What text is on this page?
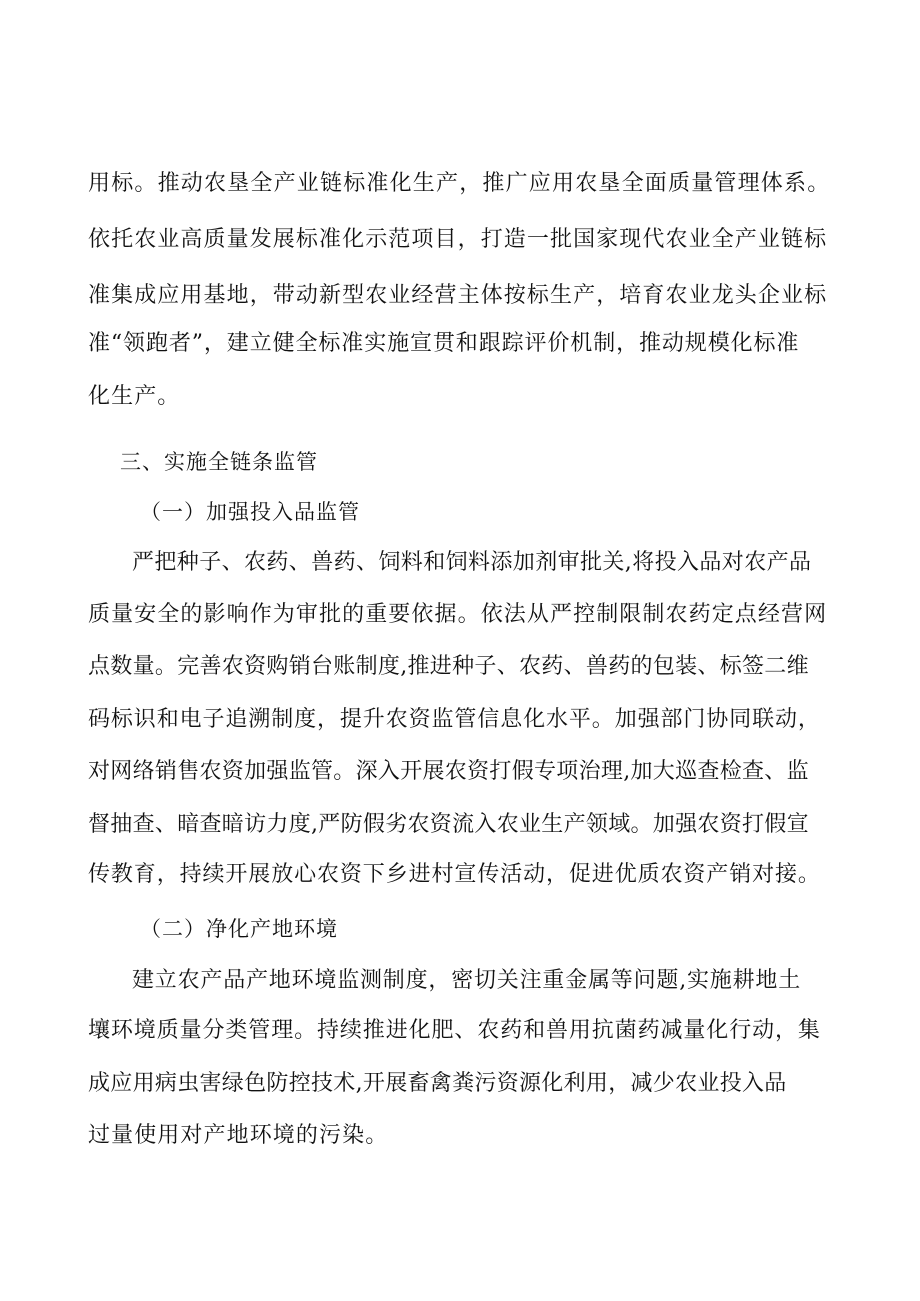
用标。推动农垦全产业链标准化生产，推广应用农垦全面质量管理体系。

依托农业高质量发展标准化示范项目，打造一批国家现代农业全产业链标

准集成应用基地，带动新型农业经营主体按标生产，培育农业龙头企业标

准“领跑者”，建立健全标准实施宣贯和跟踪评价机制，推动规模化标准

化生产。

三、实施全链条监管

（一）加强投入品监管

严把种子、农药、兽药、饲料和饲料添加剂审批关,将投入品对农产品

质量安全的影响作为审批的重要依据。依法从严控制限制农药定点经营网

点数量。完善农资购销台账制度,推进种子、农药、兽药的包装、标签二维

码标识和电子追溯制度，提升农资监管信息化水平。加强部门协同联动，

对网络销售农资加强监管。深入开展农资打假专项治理,加大巡查检查、监

督抽查、暗查暗访力度,严防假劣农资流入农业生产领域。加强农资打假宣

传教育，持续开展放心农资下乡进村宣传活动，促进优质农资产销对接。

（二）净化产地环境

建立农产品产地环境监测制度，密切关注重金属等问题,实施耕地土

壤环境质量分类管理。持续推进化肥、农药和兽用抗菌药减量化行动，集

成应用病虫害绿色防控技术,开展畜禽粪污资源化利用，减少农业投入品

过量使用对产地环境的污染。
